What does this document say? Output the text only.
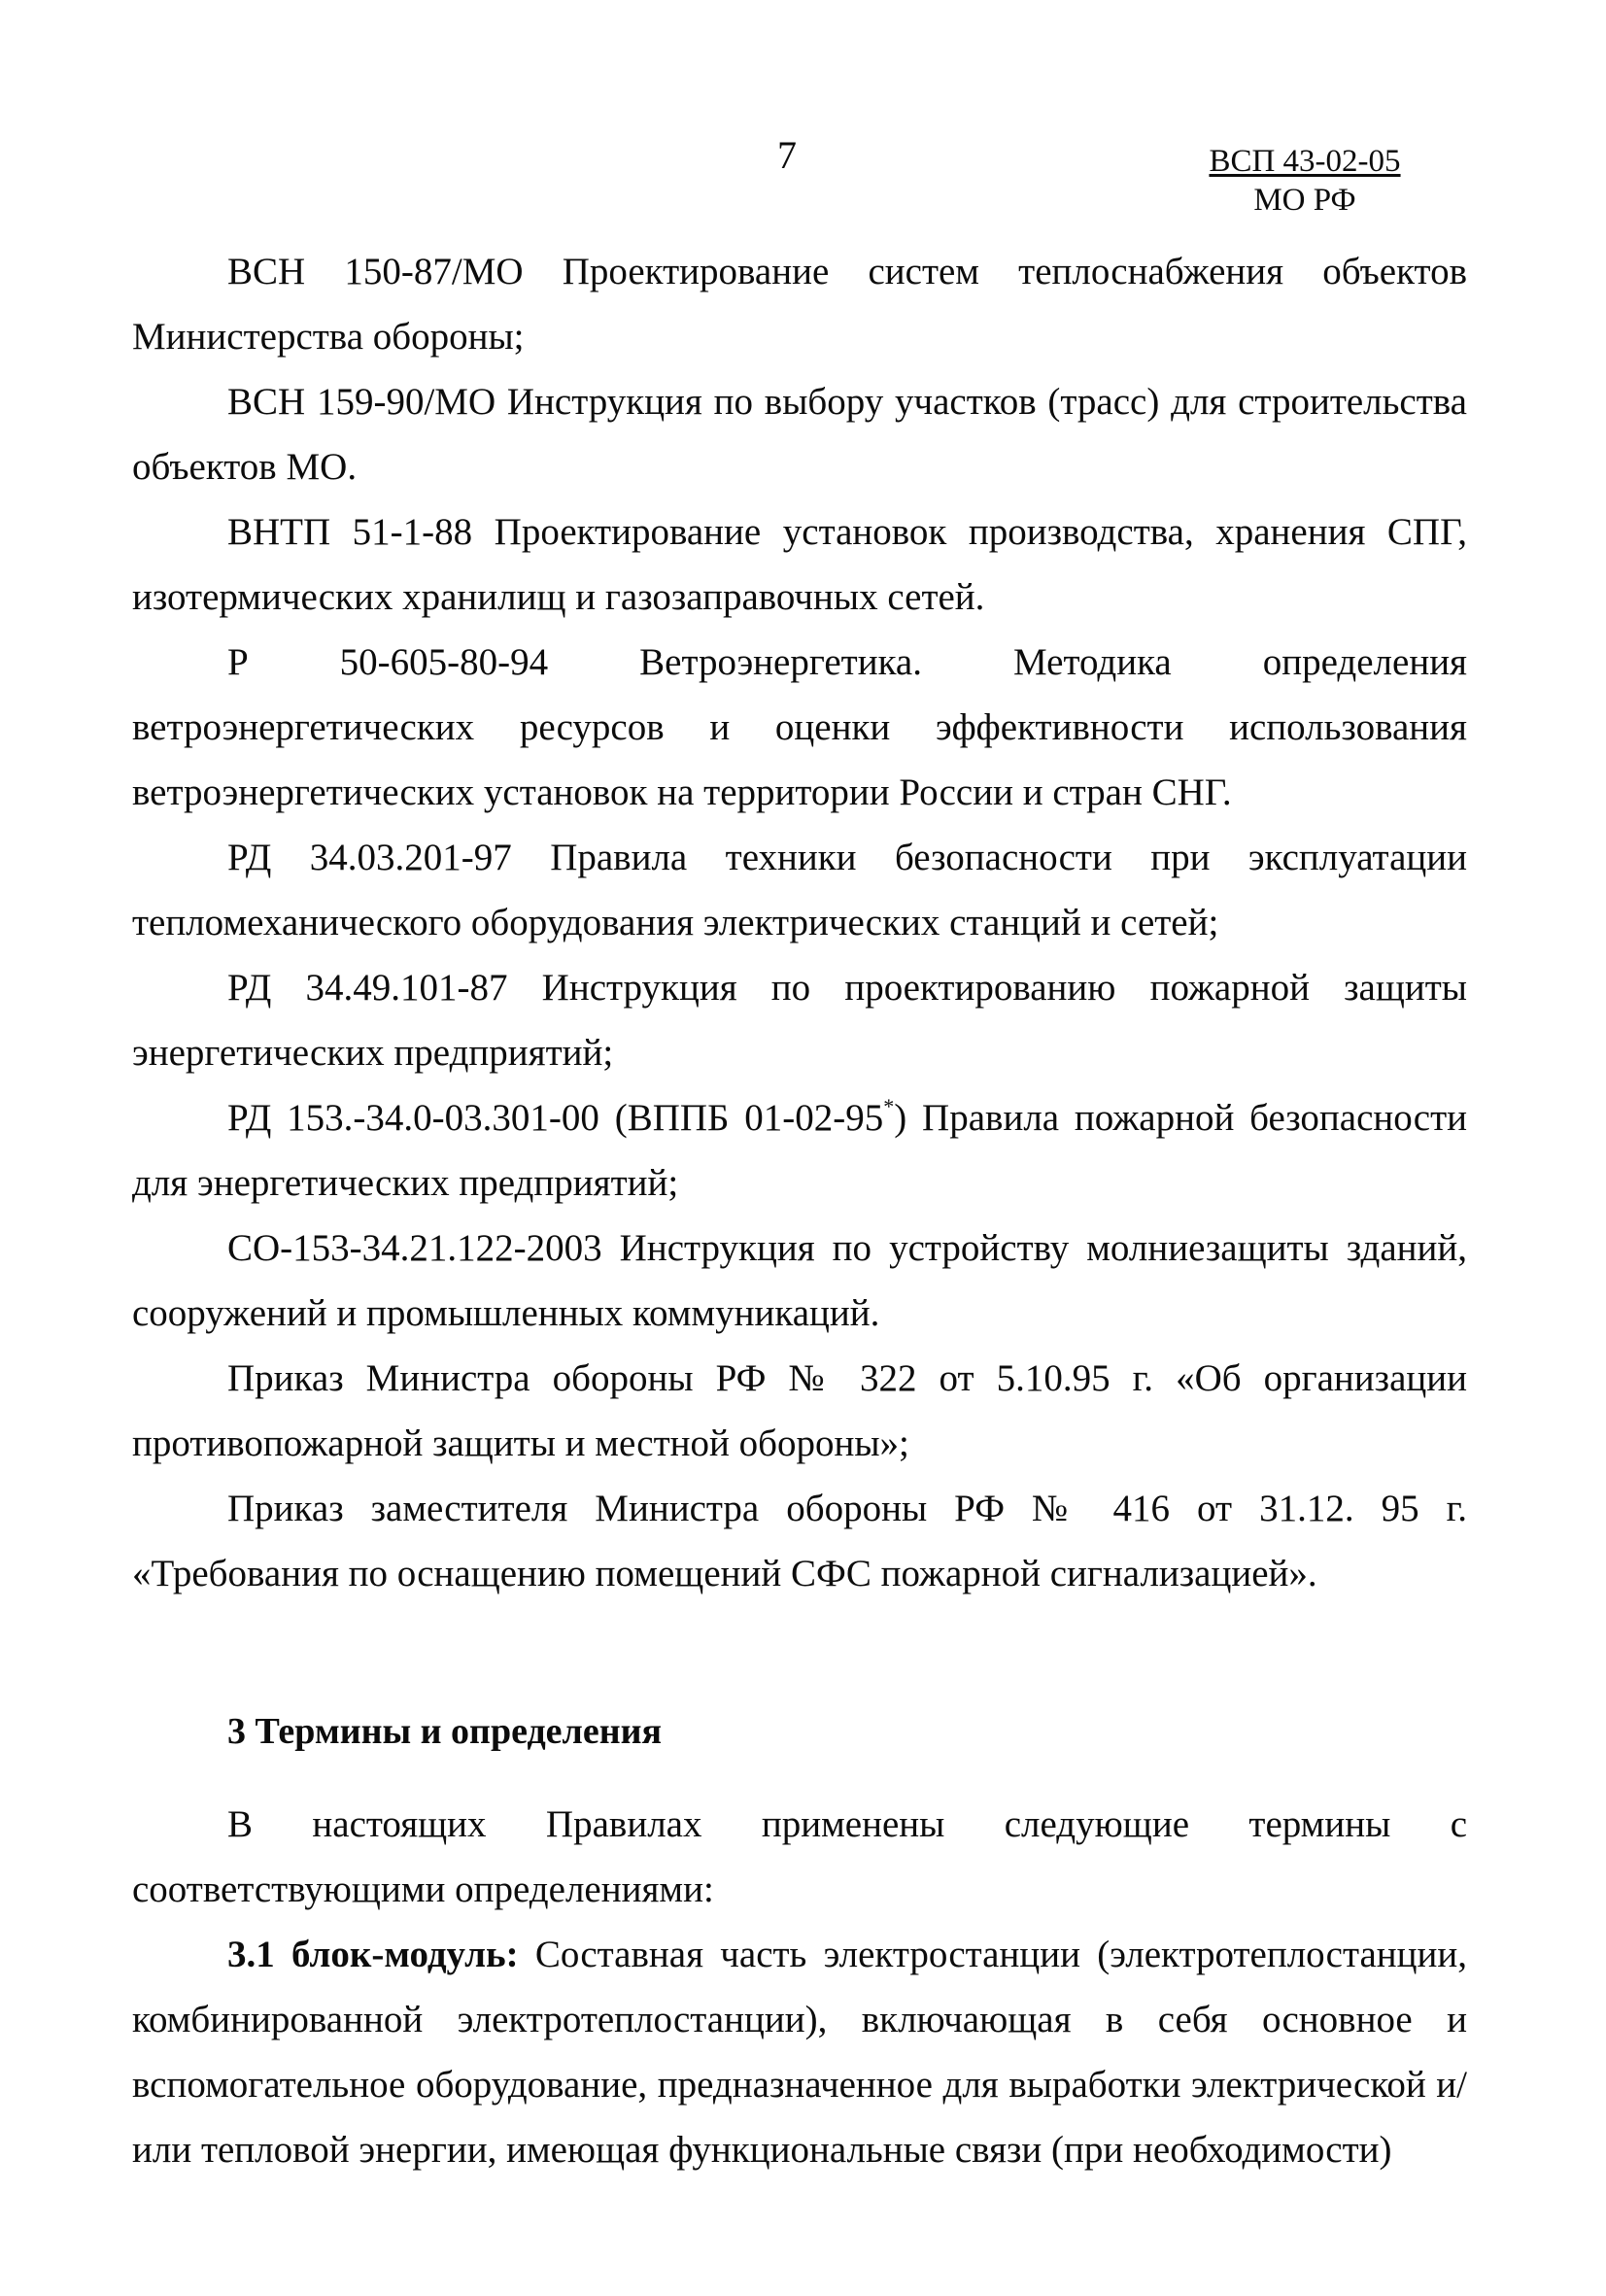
7	ВСП 43-02-05
МО РФ

ВСН 150-87/МО Проектирование систем теплоснабжения объектов Министерства обороны;

ВСН 159-90/МО Инструкция по выбору участков (трасс) для строительства объектов МО.

ВНТП 51-1-88 Проектирование установок производства, хранения СПГ, изотермических хранилищ и газозаправочных сетей.

Р 50-605-80-94 Ветроэнергетика. Методика определения ветроэнергетических ресурсов и оценки эффективности использования ветроэнергетических установок на территории России и стран СНГ.

РД 34.03.201-97 Правила техники безопасности при эксплуатации тепломеханического оборудования электрических станций и сетей;

РД 34.49.101-87 Инструкция по проектированию пожарной защиты энергетических предприятий;

РД 153.-34.0-03.301-00 (ВППБ 01-02-95*) Правила пожарной безопасности для энергетических предприятий;

СО-153-34.21.122-2003 Инструкция по устройству молниезащиты зданий, сооружений и промышленных коммуникаций.

Приказ Министра обороны РФ № 322 от 5.10.95 г. «Об организации противопожарной защиты и местной обороны»;

Приказ заместителя Министра обороны РФ № 416 от 31.12. 95 г. «Требования по оснащению помещений СФС пожарной сигнализацией».

3 Термины и определения

В настоящих Правилах применены следующие термины с соответствующими определениями:

3.1 блок-модуль: Составная часть электростанции (электротеплостанции, комбинированной электротеплостанции), включающая в себя основное и вспомогательное оборудование, предназначенное для выработки электрической и/или тепловой энергии, имеющая функциональные связи (при необходимости)
